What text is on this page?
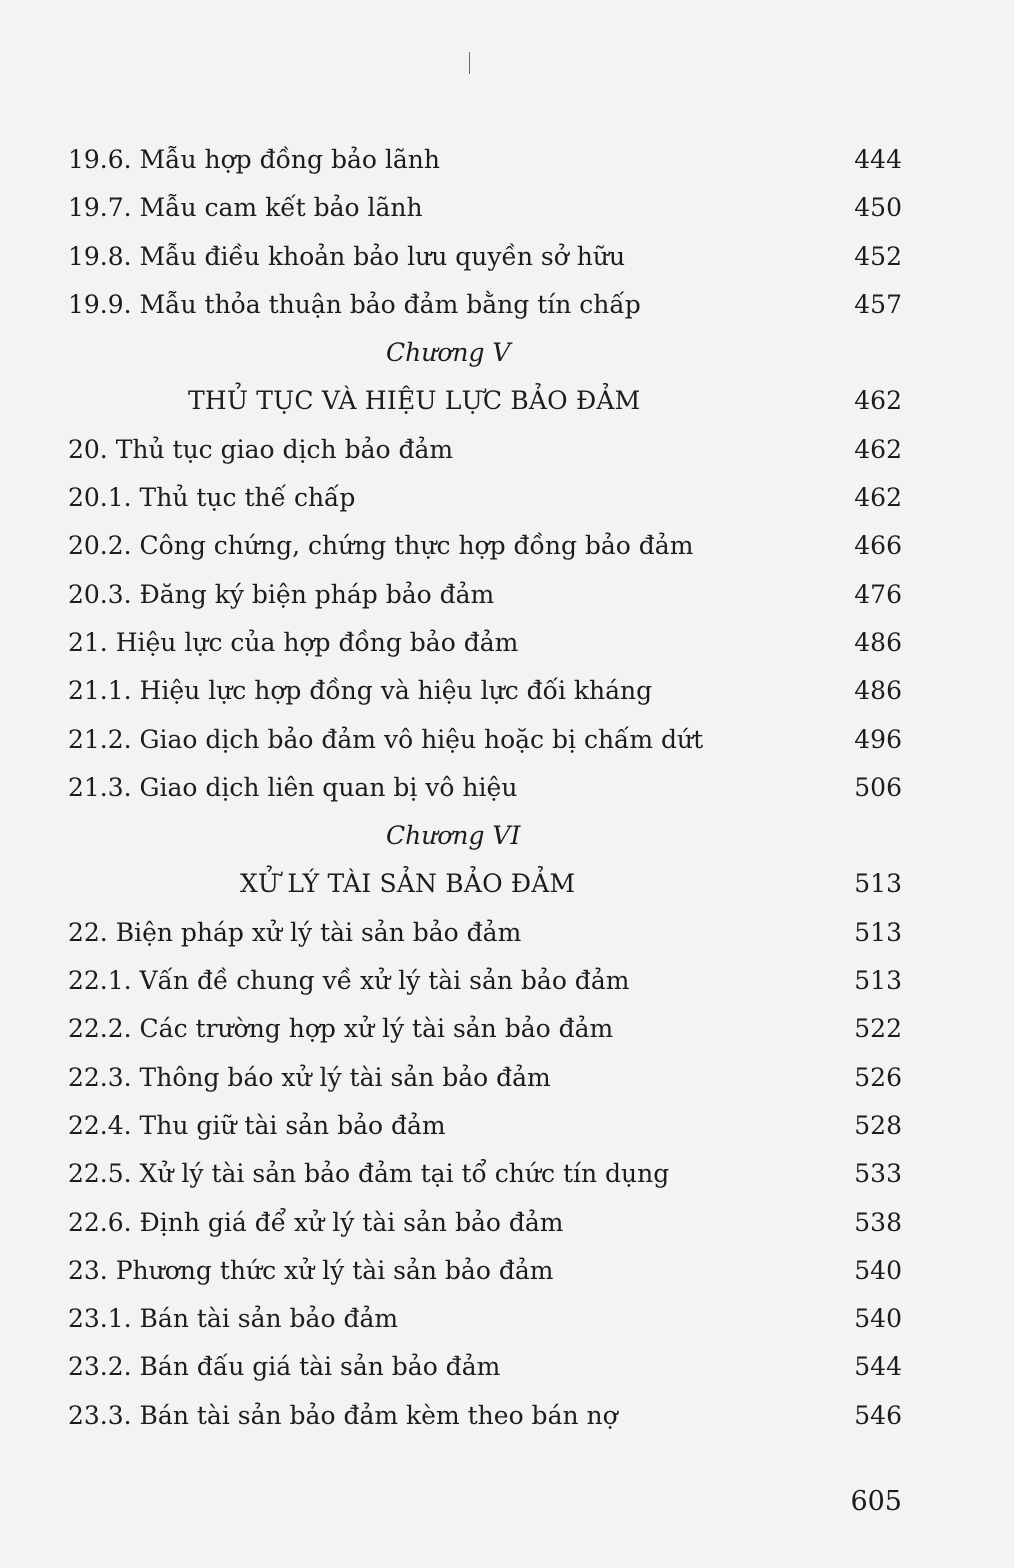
19.6. Mẫu hợp đồng bảo lãnh	444
19.7. Mẫu cam kết bảo lãnh	450
19.8. Mẫu điều khoản bảo lưu quyền sở hữu	452
19.9. Mẫu thỏa thuận bảo đảm bằng tín chấp	457
Chương V
THỦ TỤC VÀ HIỆU LỰC BẢO ĐẢM	462
20. Thủ tục giao dịch bảo đảm	462
20.1. Thủ tục thế chấp	462
20.2. Công chứng, chứng thực hợp đồng bảo đảm	466
20.3. Đăng ký biện pháp bảo đảm	476
21. Hiệu lực của hợp đồng bảo đảm	486
21.1. Hiệu lực hợp đồng và hiệu lực đối kháng	486
21.2. Giao dịch bảo đảm vô hiệu hoặc bị chấm dứt	496
21.3. Giao dịch liên quan bị vô hiệu	506
Chương VI
XỬ LÝ TÀI SẢN BẢO ĐẢM	513
22. Biện pháp xử lý tài sản bảo đảm	513
22.1. Vấn đề chung về xử lý tài sản bảo đảm	513
22.2. Các trường hợp xử lý tài sản bảo đảm	522
22.3. Thông báo xử lý tài sản bảo đảm	526
22.4. Thu giữ tài sản bảo đảm	528
22.5. Xử lý tài sản bảo đảm tại tổ chức tín dụng	533
22.6. Định giá để xử lý tài sản bảo đảm	538
23. Phương thức xử lý tài sản bảo đảm	540
23.1. Bán tài sản bảo đảm	540
23.2. Bán đấu giá tài sản bảo đảm	544
23.3. Bán tài sản bảo đảm kèm theo bán nợ	546
605
